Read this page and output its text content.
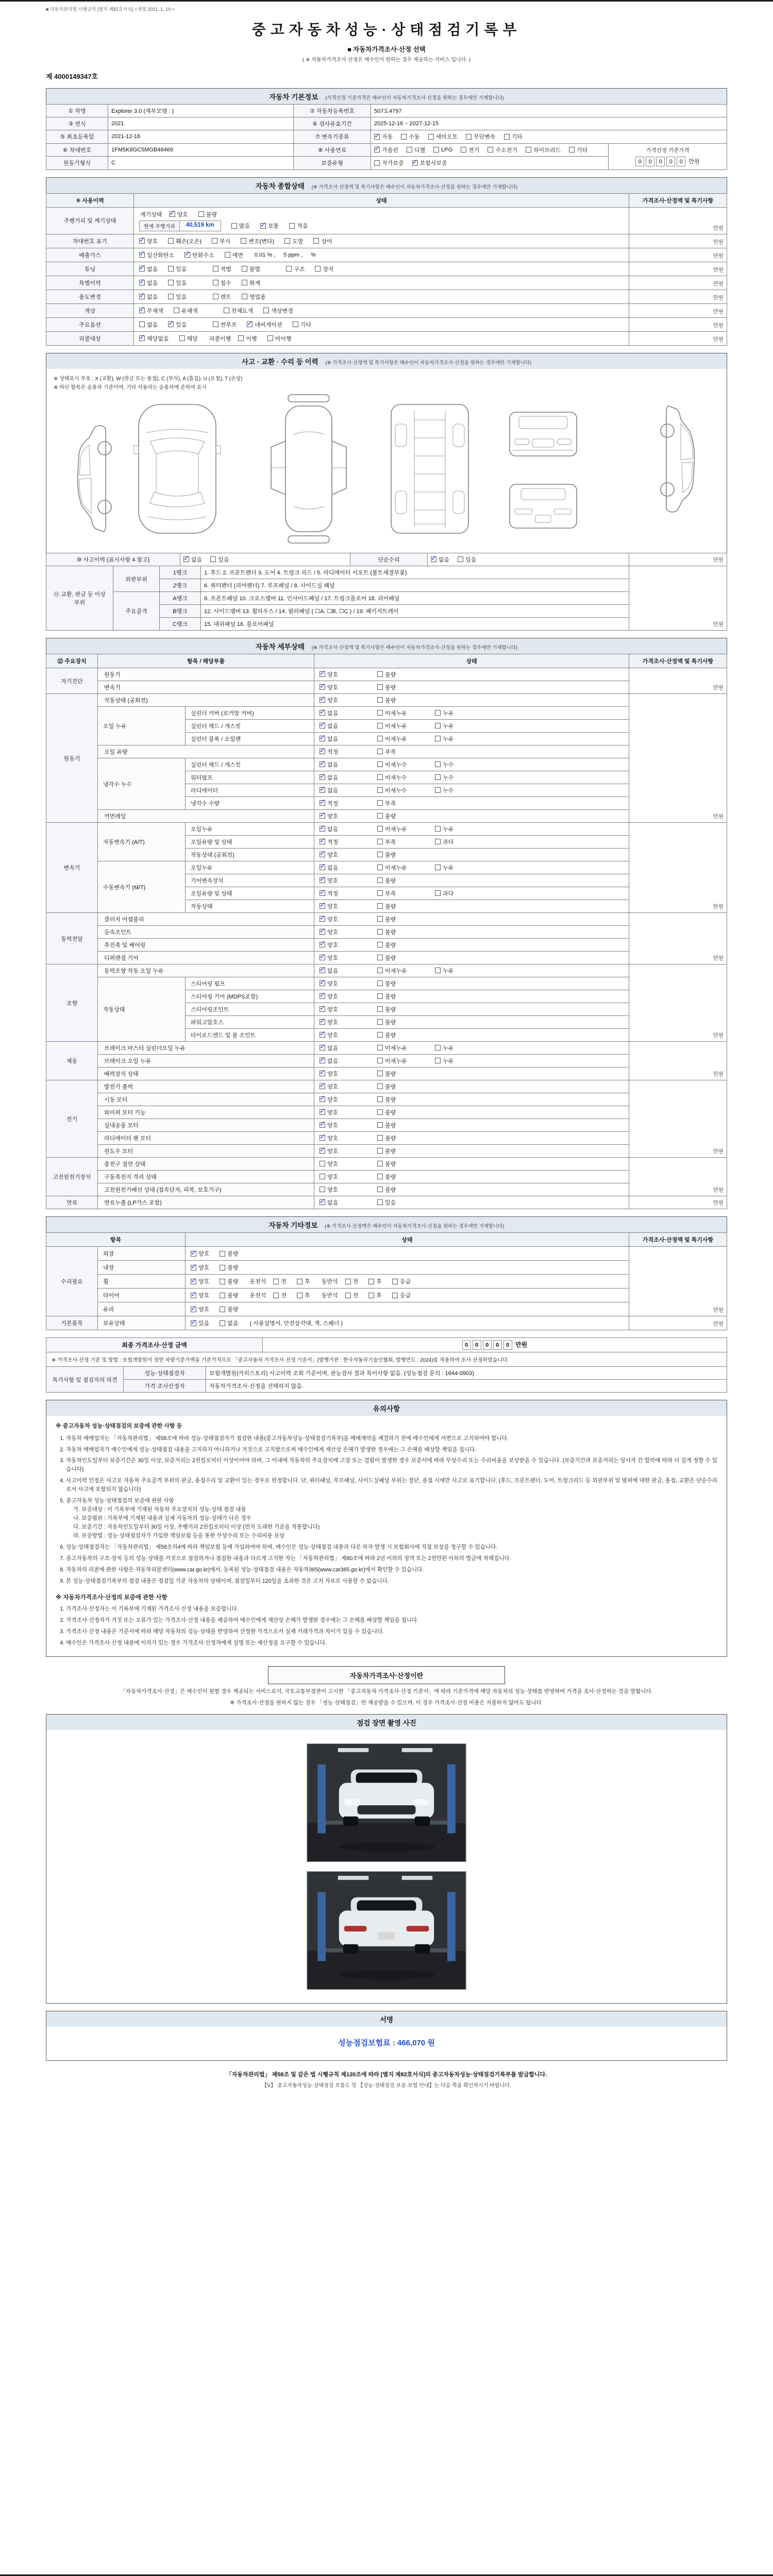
■ 자동차관리법 시행규칙 [별지 제82호서식] <개정 2021. 1. 19.>
중고자동차성능·상태점검기록부
■ 자동차가격조사·산정 선택
( ※ 자동차가격조사·산정은 매수인이 원하는 경우 제공하는 서비스 입니다. )
제 4000149347호
자동차 기본정보 (가격산정 기준가격은 매수인이 자동차가격조사·산정을 원하는 경우에만 기재합니다)
① 차명	Explorer 3.0 (세부모델 : )	② 자동차등록번호	507도4797	
③ 연식	2021	④ 검사유효기간	2025-12-16 ~ 2027-12-15	
⑤ 최초등록일	2021-12-16	⑦ 변속기종류	
✓자동 수동 세미오토 무단변속 기타

⑥ 차대번호	1FM5K8GC5MGB48469	⑧ 사용연료	
✓가솔린	디젤	LPG	전기	수소전기	하이브리드	기타	가격산정 기준가격
0 0 0 0 0 만원

원동기형식	C	보증유형	자가보증 ✓ 보험사보증
자동차 종합상태 (※ 가격조사·산정액 및 특기사항은 매수인이 자동차가격조사·산정을 원하는 경우에만 기재합니다)
⑨ 사용이력	상태	가격조사·산정액 및 특기사항
주행거리 및 계기상태	
계기상태 ✓	양호	불량
현재 주행거리	40,519 km	많음 ✓	보통	적음	만원
차대번호 표기	
✓양호	훼손(오손)	부식	변조(변타)	도말	상이	만원
배출가스	
✓일산화탄소 ✓	탄화수소	매연 0.01 % , 5 ppm , %	만원
튜닝	
✓없음	있음	적법	불법	구조	장치	만원
특별이력	
✓없음 있음 침수 화재	만원
용도변경	
✓없음 있음 렌트 영업용	만원
색상	
✓무채색 유채색 전체도색 색상변경	만원
주요옵션	없음 ✓ 있음 썬루프 ✓ 네비게이션 기타	만원
리콜대상	
✓해당없음 해당 리콜이행 이행 미이행	만원
사고 · 교환 · 수리 등 이력 (※ 가격조사·산정액 및 특기사항은 매수인이 자동차가격조사·산정을 원하는 경우에만 기재합니다)
※ 상태표시 부호 : X (교환), W (판금 또는 용접), C (부식), A (흠집), U (요철), T (손상)
※ 하단 항목은 승용차 기준이며, 기타 자동차는 승용차에 준하여 표시
⑩ 사고이력 (표시사항 4 참고)	
✓없음	있음	단순수리	
✓없음	있음	만원
⑪ 교환, 판금 등 이상 부위	외판부위	1랭크	1. 후드 2. 프론트펜더 3. 도어 4. 트렁크 리드 / 5. 라디에이터 서포트 (볼트체결부품)	만원
		2랭크	6. 쿼터펜더 (리어펜더) 7. 루프패널 / 8. 사이드실 패널	
	주요골격	A랭크	9. 프론트패널 10. 크로스멤버 11. 인사이드패널 / 17. 트렁크플로어 18. 리어패널	
		B랭크	12. 사이드멤버 13. 휠하우스 / 14. 필러패널 ( ☐A, ☐B, ☐C ) / 19. 패키지트레이	
		C랭크	15. 대쉬패널 16. 플로어패널	
자동차 세부상태 (※ 가격조사·산정액 및 특기사항은 매수인이 자동차가격조사·산정을 원하는 경우에만 기재합니다)
⑫ 주요장치	항목 / 해당부품		상태	가격조사·산정액 및 특기사항
자기진단	원동기	
✓양호 불량	만원
	변속기	
✓양호 불량

원동기	작동상태 (공회전)	
✓양호 불량	만원
	오일 누유	실린더 커버 (로커암 커버)	
✓없음 미세누유 누유

		실린더 헤드 / 개스킷	
✓없음 미세누유 누유

		실린더 블록 / 오일팬	
✓없음 미세누유 누유

	오일 유량	
✓적정 부족

	냉각수 누수	실린더 헤드 / 개스킷	
✓없음 미세누수 누수

		워터펌프	
✓없음 미세누수 누수

		라디에이터	
✓없음 미세누수 누수

		냉각수 수량	
✓적정 부족

	커먼레일	
✓양호 불량

변속기	자동변속기 (A/T)	오일누유	
✓없음 미세누유 누유	만원
		오일유량 및 상태	
✓적정 부족 과다

		작동상태 (공회전)	
✓양호 불량

	수동변속기 (M/T)	오일누유	
✓없음 미세누유 누유

		기어변속장치	
✓양호 불량

		오일유량 및 상태	
✓적정 부족 과다

		작동상태	
✓양호 불량

동력전달	클러치 어셈블리	
✓양호 불량	만원
	등속조인트	
✓양호 불량

	추진축 및 베어링	
✓양호 불량

	디퍼렌셜 기어	
✓양호 불량

조향	동력조향 작동 오일 누유	
✓없음 미세누유 누유	만원
	작동상태	스티어링 펌프	
✓양호 불량

		스티어링 기어 (MDPS포함)	
✓양호 불량

		스티어링조인트	
✓양호 불량

		파워고압호스	
✓양호 불량

		타이로드엔드 및 볼 조인트	
✓양호 불량

제동	브레이크 마스터 실린더오일 누유	
✓없음 미세누유 누유	만원
	브레이크 오일 누유	
✓없음 미세누유 누유

	배력장치 상태	
✓양호 불량

전기	발전기 출력	
✓양호 불량	만원
	시동 모터	
✓양호 불량

	와이퍼 모터 기능	
✓양호 불량

	실내송풍 모터	
✓양호 불량

	라디에이터 팬 모터	
✓양호 불량

	윈도우 모터	
✓양호 불량

고전원전기장치	충전구 절연 상태		양호 불량	만원
	구동축전지 격리 상태		양호 불량	

	고전원전기배선 상태 (접속단자, 피복, 보호기구)		양호 불량	

연료	연료누출 (LP가스 포함)	
✓없음 있음	만원
자동차 기타정보 (※ 가격조사·산정액은 매수인이 자동차가격조사·산정을 원하는 경우에만 기재합니다)
항목		상태	가격조사·산정액 및 특기사항
수리필요	외장	
✓양호 불량	만원
	내장	
✓양호 불량

휠	
✓양호	불량 운전석	전	후 동반석	전	후	응급

타이어	
✓양호	불량 운전석	전	후 동반석	전	후	응급

	유리	
✓양호 불량

기본품목	보유상태	
✓있음 없음 ( 사용설명서, 안전삼각대, 잭, 스패너 )	만원
최종 가격조사·산정 금액	0 0 0 0 0 만원
※ 가격조사·산정 기준 및 방법 : 보험개발원이 정한 차량기준가액을 기준가격으로 「중고자동차 가격조사·산정 기준서」(발행기관 : 한국자동차기술인협회, 발행연도 : 2024)를 적용하여 조사·산정하였습니다.
특기사항 및 점검자의 의견	성능·상태점검자	보험개발원(카히스토리) 사고이력 조회 기준이며, 관능검사 결과 특이사항 없음. (성능점검 문의 : 1644-0903)
	가격·조사산정자	자동차가격조사·산정을 선택하지 않음.
유의사항
※ 중고자동차 성능·상태점검의 보증에 관한 사항 등
1. 자동차 매매업자는 「자동차관리법」 제58조에 따라 성능·상태점검자가 점검한 내용(중고자동차성능·상태점검기록부)을 매매계약을 체결하기 전에 매수인에게 서면으로 고지하여야 합니다.
2. 자동차 매매업자가 매수인에게 성능·상태점검 내용을 고지하지 아니하거나 거짓으로 고지함으로써 매수인에게 재산상 손해가 발생한 경우에는 그 손해를 배상할 책임을 집니다.
3. 자동차인도일부터 보증기간은 30일 이상, 보증거리는 2천킬로미터 이상이어야 하며, 그 이내에 자동차의 주요장치에 고장 또는 결함이 발생한 경우 보증서에 따라 무상수리 또는 수리비용을 보상받을 수 있습니다. (보증기간과 보증거리는 당사자 간 합의에 따라 더 길게 정할 수 있습니다)
4. 사고이력 인정은 사고로 자동차 주요골격 부위의 판금, 용접수리 및 교환이 있는 경우로 한정합니다. 단, 쿼터패널, 루프패널, 사이드실패널 부위는 절단, 용접 시에만 사고로 표기합니다. (후드, 프론트펜더, 도어, 트렁크리드 등 외판부위 및 범퍼에 대한 판금, 용접, 교환은 단순수리로서 사고에 포함되지 않습니다)
5. 중고자동차 성능·상태점검의 보증에 관한 사항
가. 보증대상 : 이 기록부에 기재된 자동차 주요장치의 성능·상태 점검 내용
나. 보증범위 : 기록부에 기재된 내용과 실제 자동차의 성능·상태가 다른 경우
다. 보증기간 : 자동차인도일부터 30일 이상, 주행거리 2천킬로미터 이상 (먼저 도래한 기준을 적용합니다)
라. 보증방법 : 성능·상태점검자가 가입한 책임보험 등을 통한 무상수리 또는 수리비용 보상
6. 성능·상태점검자는 「자동차관리법」 제58조의4에 따라 책임보험 등에 가입하여야 하며, 매수인은 성능·상태점검 내용과 다른 하자 발생 시 보험회사에 직접 보상을 청구할 수 있습니다.
7. 중고자동차의 구조·장치 등의 성능·상태를 거짓으로 점검하거나 점검한 내용과 다르게 고지한 자는 「자동차관리법」 제80조에 따라 2년 이하의 징역 또는 2천만원 이하의 벌금에 처해집니다.
8. 자동차의 리콜에 관한 사항은 자동차리콜센터(www.car.go.kr)에서, 등록된 성능·상태점검 내용은 자동차365(www.car365.go.kr)에서 확인할 수 있습니다.
9. 본 성능·상태점검기록부의 점검 내용은 점검일 기준 자동차의 상태이며, 점검일부터 120일을 초과한 것은 고지 자료로 사용할 수 없습니다.
※ 자동차가격조사·산정의 보증에 관한 사항
1. 가격조사·산정자는 이 기록부에 기재된 가격조사·산정 내용을 보증합니다.
2. 가격조사·산정자가 거짓 또는 오류가 있는 가격조사·산정 내용을 제공하여 매수인에게 재산상 손해가 발생한 경우에는 그 손해를 배상할 책임을 집니다.
3. 가격조사·산정 내용은 기준서에 따라 해당 자동차의 성능·상태를 반영하여 산정한 가격으로서 실제 거래가격과 차이가 있을 수 있습니다.
4. 매수인은 가격조사·산정 내용에 이의가 있는 경우 가격조사·산정자에게 설명 또는 재산정을 요구할 수 있습니다.
자동차가격조사·산정이란
「자동차가격조사·산정」은 매수인이 원할 경우 제공되는 서비스로서, 국토교통부장관이 고시한 「중고자동차 가격조사·산정 기준서」에 따라 기준가격에 해당 자동차의 성능·상태를 반영하여 가격을 조사·산정하는 것을 말합니다.
※ 가격조사·산정을 원하지 않는 경우 「성능·상태점검」만 제공받을 수 있으며, 이 경우 가격조사·산정 비용은 지불하지 않아도 됩니다.
점검 장면 촬영 사진
서명
성능점검보험료 : 466,070 원
「자동차관리법」 제58조 및 같은 법 시행규칙 제120조에 따라 [별지 제82호서식]의 중고자동차성능·상태점검기록부를 발급합니다.
【Ⅴ】 중고자동차성능·상태점검 흐름도 및 【성능·상태점검 보증·보험 안내】는 다음 쪽을 확인하시기 바랍니다.
